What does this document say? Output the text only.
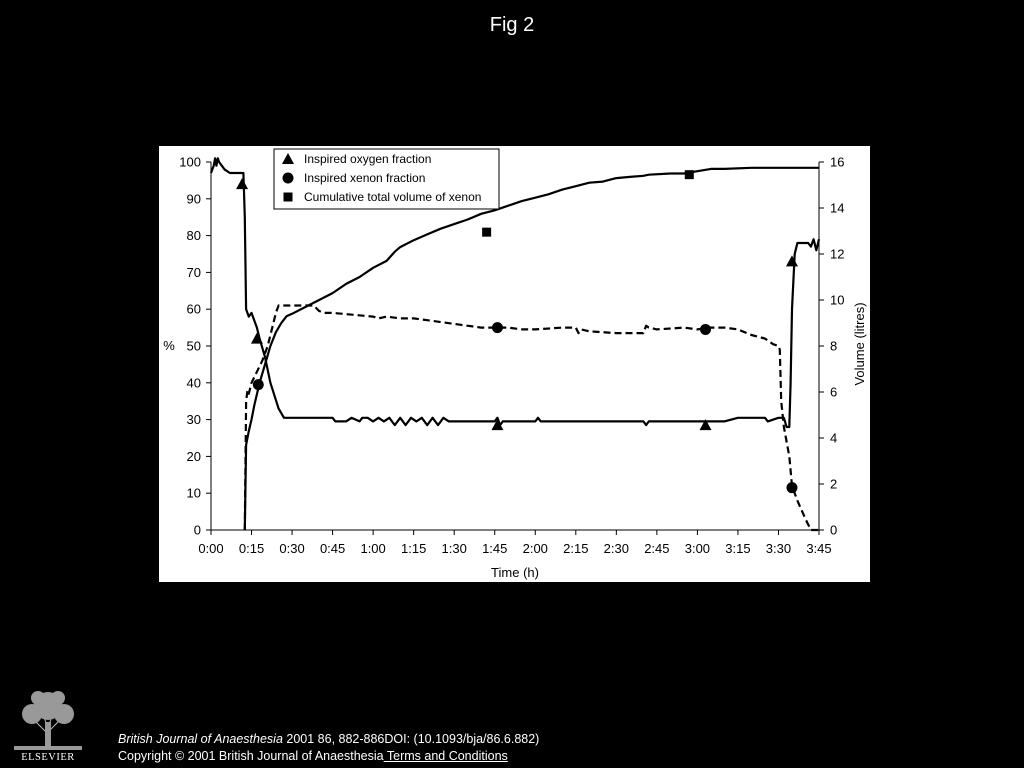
Fig 2
0:00 0:15 0:30 0:45 1:00 1:15 1:30 1:45 2:00 2:15 2:30 2:45 3:00 3:15 3:30 3:45
0
10
20
30
40
50
60
70
80
90
100
0
2
4
6
8
10
12
14
16
Time (h)
%	Volume (litres)
Inspired oxygen fraction
Inspired xenon fraction
Cumulative total volume of xenon
ELSEVIER
British Journal of Anaesthesia 2001 86, 882-886DOI: (10.1093/bja/86.6.882)
Copyright © 2001 British Journal of Anaesthesia Terms and Conditions
